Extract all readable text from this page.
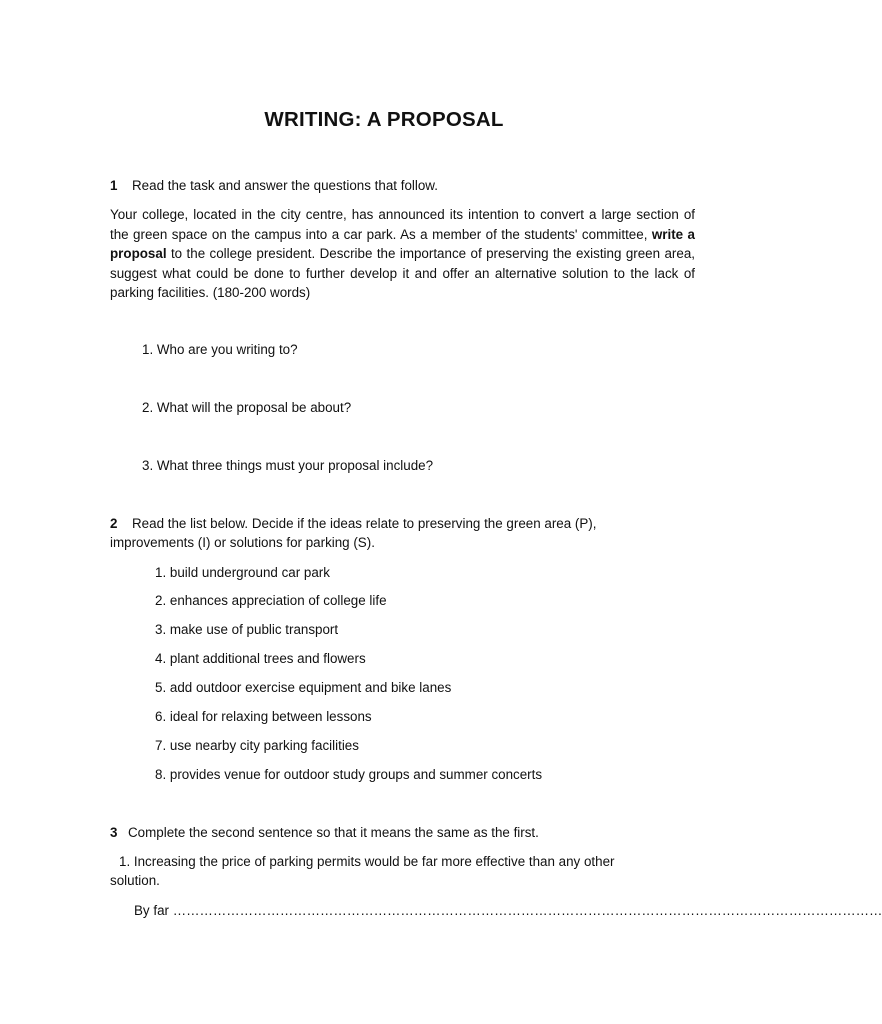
WRITING: A PROPOSAL
1 Read the task and answer the questions that follow.
Your college, located in the city centre, has announced its intention to convert a large section of the green space on the campus into a car park. As a member of the students' committee, write a proposal to the college president. Describe the importance of preserving the existing green area, suggest what could be done to further develop it and offer an alternative solution to the lack of parking facilities. (180-200 words)
1. Who are you writing to?
2. What will the proposal be about?
3. What three things must your proposal include?
2 Read the list below. Decide if the ideas relate to preserving the green area (P),
improvements (I) or solutions for parking (S).
1. build underground car park
2. enhances appreciation of college life
3. make use of public transport
4. plant additional trees and flowers
5. add outdoor exercise equipment and bike lanes
6. ideal for relaxing between lessons
7. use nearby city parking facilities
8. provides venue for outdoor study groups and summer concerts
3 Complete the second sentence so that it means the same as the first.
1. Increasing the price of parking permits would be far more effective than any other
solution.
By far ……………………………………………………………………………………………………………………………………………
